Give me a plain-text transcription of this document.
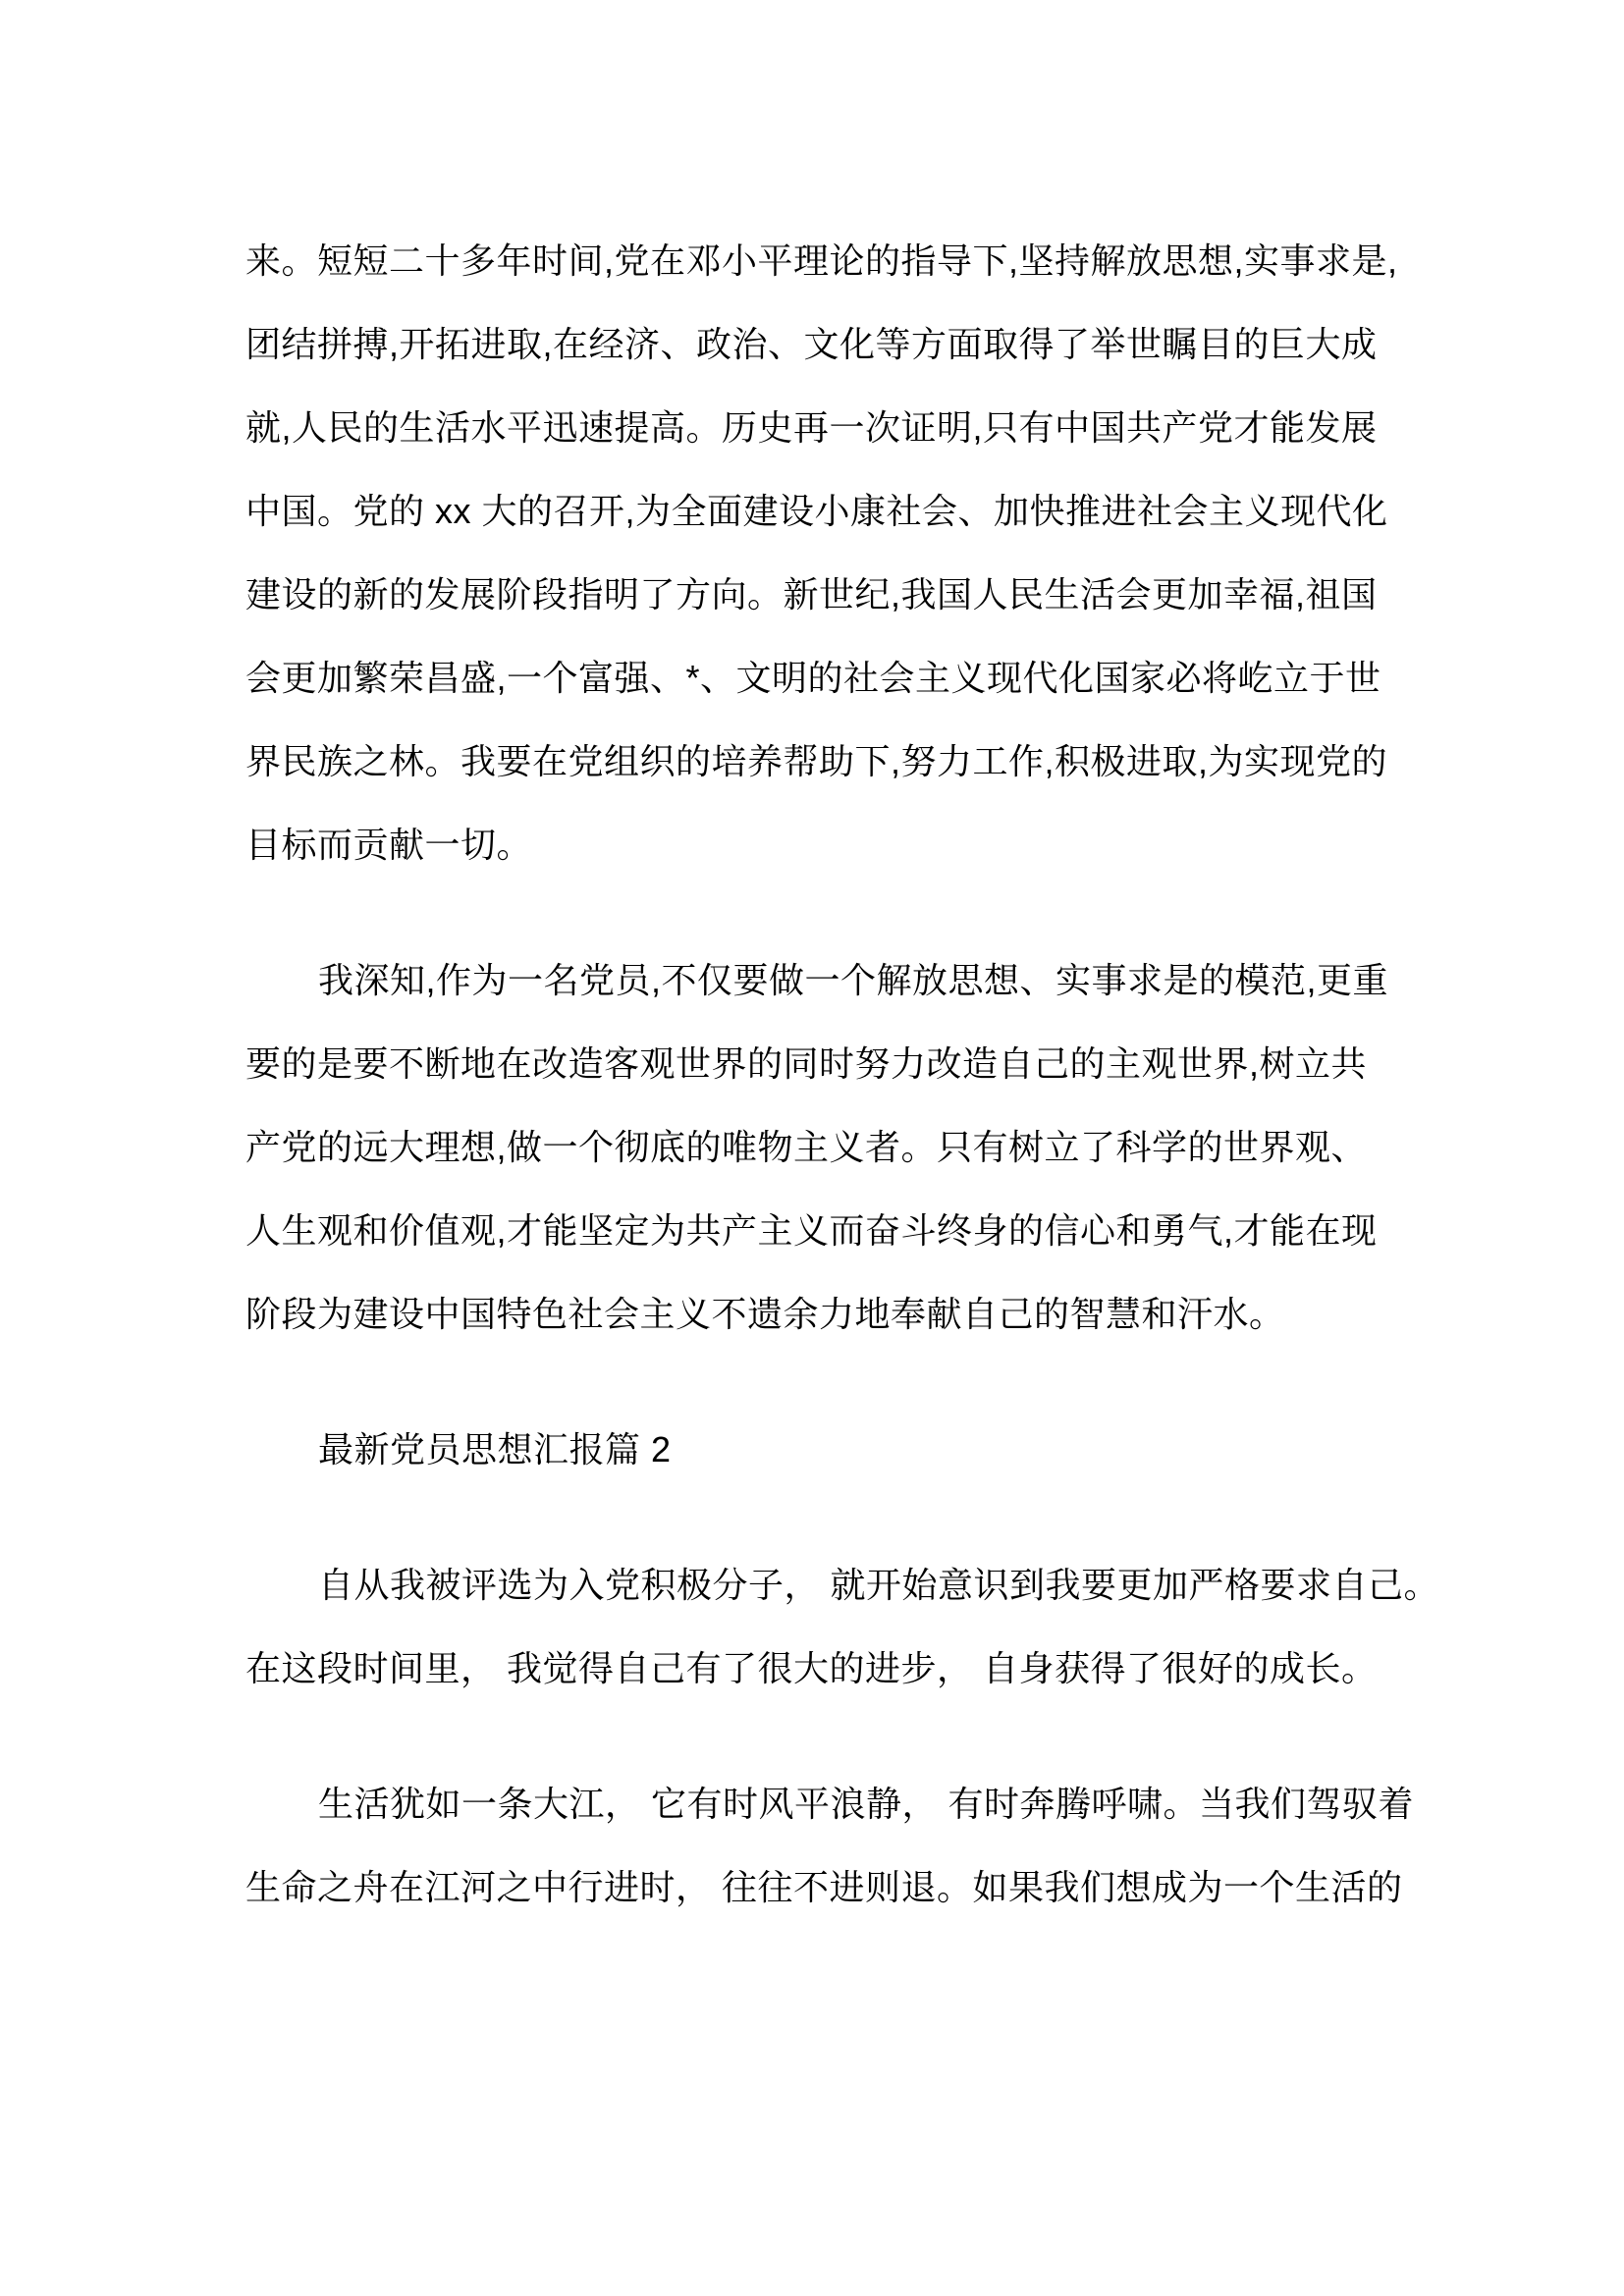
来。短短二十多年时间,党在邓小平理论的指导下,坚持解放思想,实事求是,
团结拼搏,开拓进取,在经济、政治、文化等方面取得了举世瞩目的巨大成
就,人民的生活水平迅速提高。历史再一次证明,只有中国共产党才能发展
中国。党的 xx 大的召开,为全面建设小康社会、加快推进社会主义现代化
建设的新的发展阶段指明了方向。新世纪,我国人民生活会更加幸福,祖国
会更加繁荣昌盛,一个富强、*、文明的社会主义现代化国家必将屹立于世
界民族之林。我要在党组织的培养帮助下,努力工作,积极进取,为实现党的
目标而贡献一切。
我深知,作为一名党员,不仅要做一个解放思想、实事求是的模范,更重
要的是要不断地在改造客观世界的同时努力改造自己的主观世界,树立共
产党的远大理想,做一个彻底的唯物主义者。只有树立了科学的世界观、
人生观和价值观,才能坚定为共产主义而奋斗终身的信心和勇气,才能在现
阶段为建设中国特色社会主义不遗余力地奉献自己的智慧和汗水。
最新党员思想汇报篇 2
自从我被评选为入党积极分子， 就开始意识到我要更加严格要求自己。
在这段时间里， 我觉得自己有了很大的进步， 自身获得了很好的成长。
生活犹如一条大江， 它有时风平浪静， 有时奔腾呼啸。当我们驾驭着
生命之舟在江河之中行进时， 往往不进则退。如果我们想成为一个生活的
